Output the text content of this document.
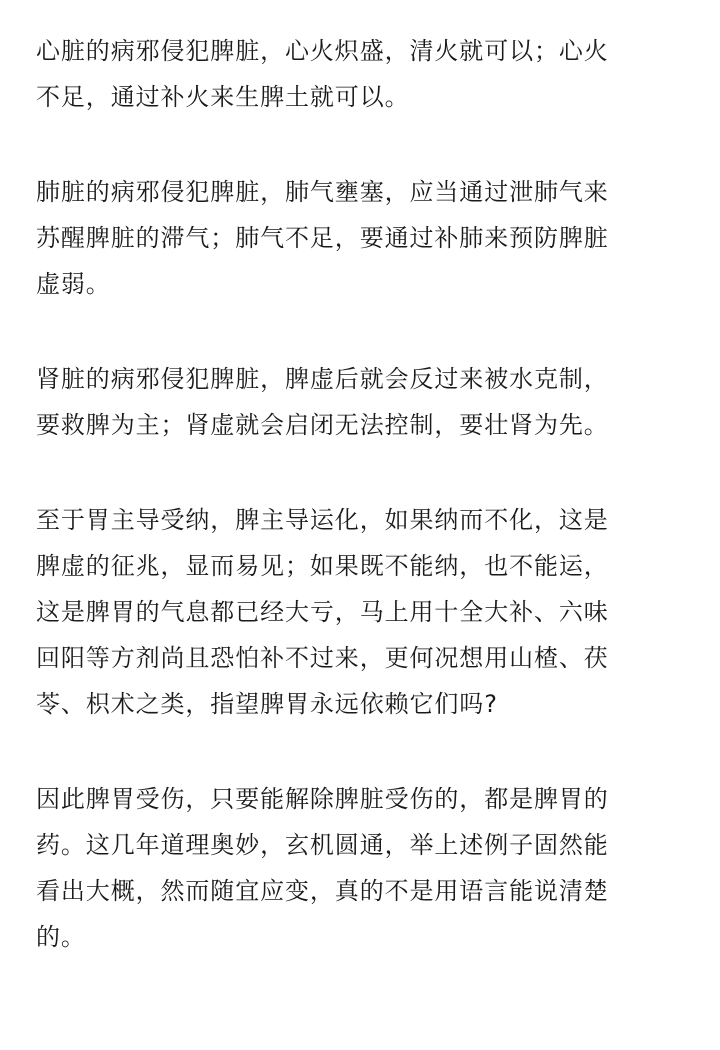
心脏的病邪侵犯脾脏，心火炽盛，清火就可以；心火
不足，通过补火来生脾土就可以。

肺脏的病邪侵犯脾脏，肺气壅塞，应当通过泄肺气来
苏醒脾脏的滞气；肺气不足，要通过补肺来预防脾脏
虚弱。

肾脏的病邪侵犯脾脏，脾虚后就会反过来被水克制，
要救脾为主；肾虚就会启闭无法控制，要壮肾为先。

至于胃主导受纳，脾主导运化，如果纳而不化，这是
脾虚的征兆，显而易见；如果既不能纳，也不能运，
这是脾胃的气息都已经大亏，马上用十全大补、六味
回阳等方剂尚且恐怕补不过来，更何况想用山楂、茯
苓、枳术之类，指望脾胃永远依赖它们吗?

因此脾胃受伤，只要能解除脾脏受伤的，都是脾胃的
药。这几年道理奥妙，玄机圆通，举上述例子固然能
看出大概，然而随宜应变，真的不是用语言能说清楚
的。
